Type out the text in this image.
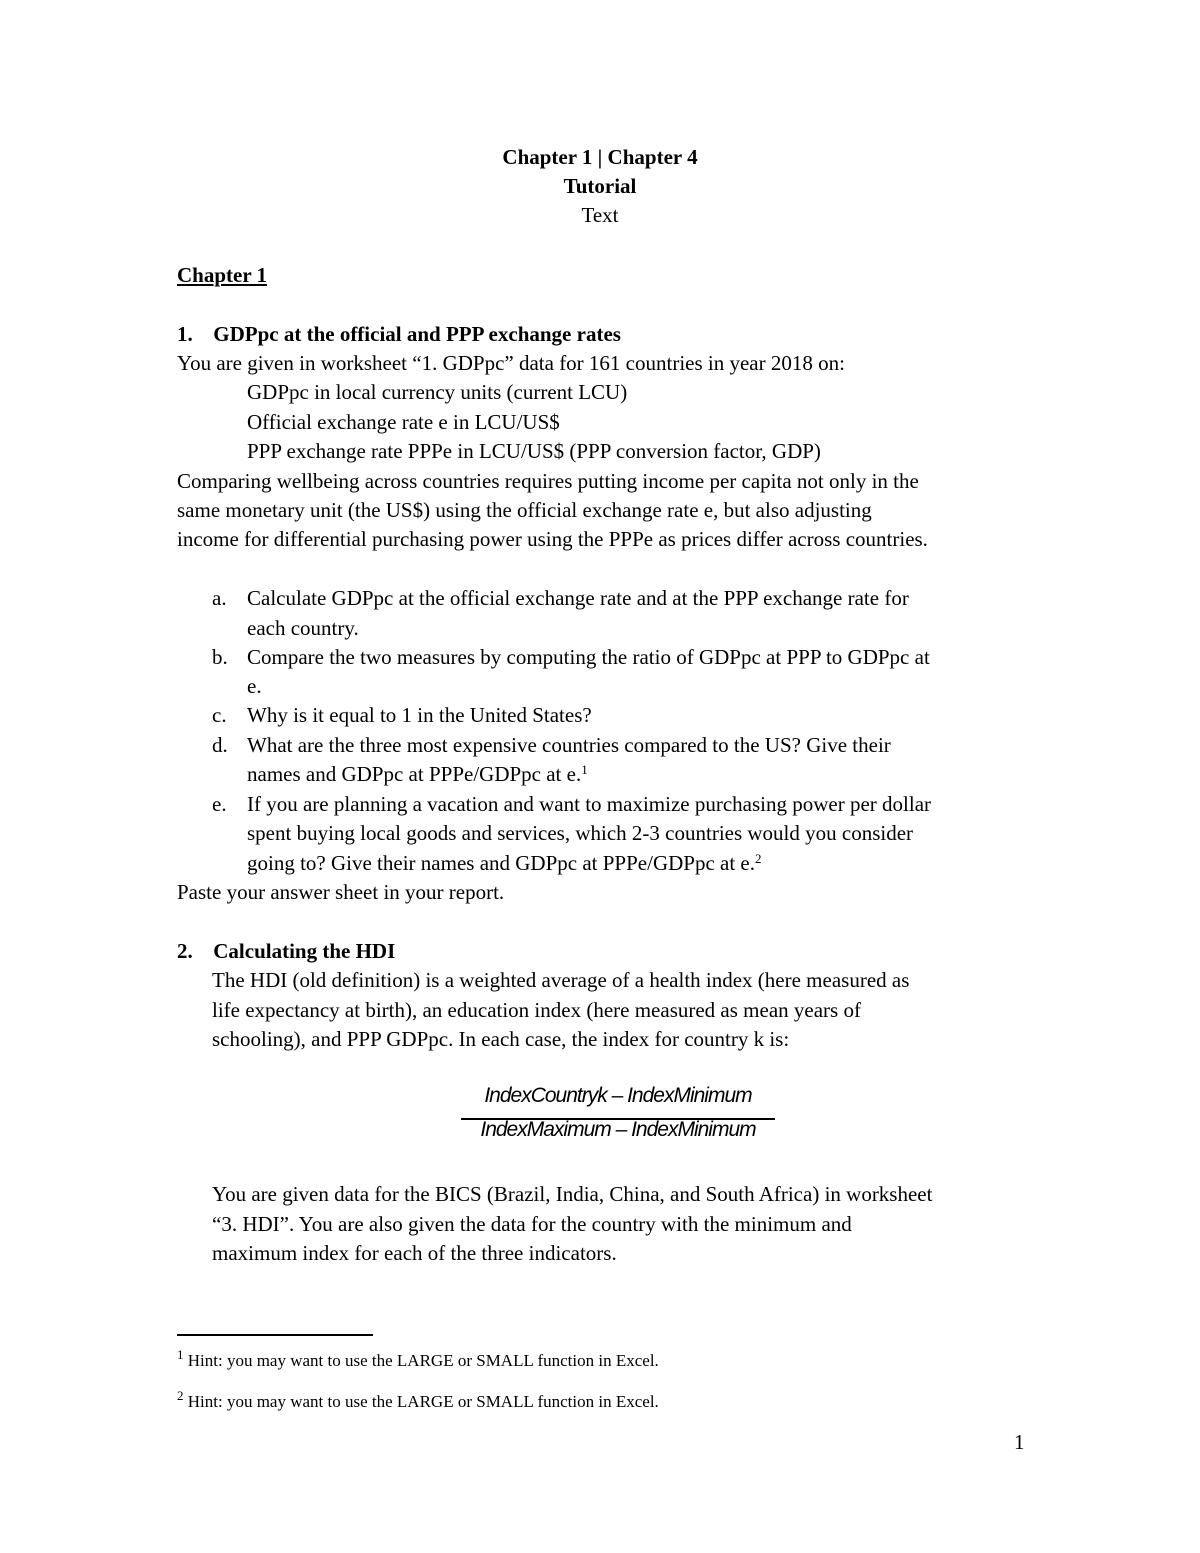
Chapter 1 | Chapter 4
Tutorial
Text
Chapter 1
1. GDPpc at the official and PPP exchange rates
You are given in worksheet “1. GDPpc” data for 161 countries in year 2018 on:
GDPpc in local currency units (current LCU)
Official exchange rate e in LCU/US$
PPP exchange rate PPPe in LCU/US$ (PPP conversion factor, GDP)
Comparing wellbeing across countries requires putting income per capita not only in the
same monetary unit (the US$) using the official exchange rate e, but also adjusting
income for differential purchasing power using the PPPe as prices differ across countries.
a. Calculate GDPpc at the official exchange rate and at the PPP exchange rate for
each country.
b. Compare the two measures by computing the ratio of GDPpc at PPP to GDPpc at
e.
c. Why is it equal to 1 in the United States?
d. What are the three most expensive countries compared to the US? Give their
names and GDPpc at PPPe/GDPpc at e.$^1$
e. If you are planning a vacation and want to maximize purchasing power per dollar
spent buying local goods and services, which 2-3 countries would you consider
going to? Give their names and GDPpc at PPPe/GDPpc at e.$^2$
Paste your answer sheet in your report.
2. Calculating the HDI
The HDI (old definition) is a weighted average of a health index (here measured as
life expectancy at birth), an education index (here measured as mean years of
schooling), and PPP GDPpc. In each case, the index for country k is:
IndexCountryk – IndexMinimum
IndexMaximum – IndexMinimum
You are given data for the BICS (Brazil, India, China, and South Africa) in worksheet
“3. HDI”. You are also given the data for the country with the minimum and
maximum index for each of the three indicators.
$^1$ Hint: you may want to use the LARGE or SMALL function in Excel.
$^2$ Hint: you may want to use the LARGE or SMALL function in Excel.
1
